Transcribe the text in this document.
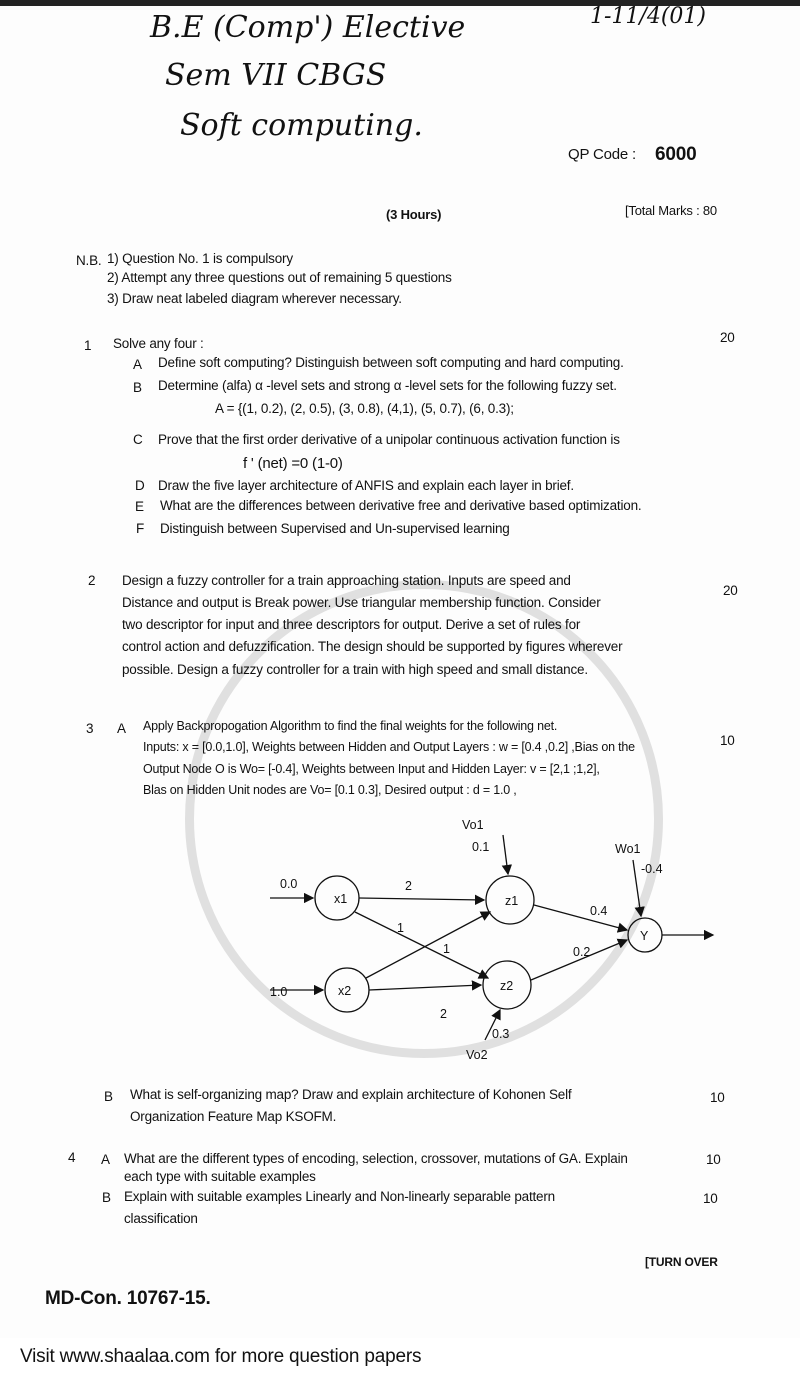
B.E (Comp') Elective	1-11/4(01)
Sem VII CBGS
Soft computing.
QP Code : 6000
(3 Hours)	[Total Marks : 80
N.B. 1) Question No. 1 is compulsory
2) Attempt any three questions out of remaining 5 questions
3) Draw neat labeled diagram wherever necessary.
1 Solve any four :	20
A Define soft computing? Distinguish between soft computing and hard computing.
B Determine (alfa) α -level sets and strong α -level sets for the following fuzzy set.
A = {(1, 0.2), (2, 0.5), (3, 0.8), (4,1), (5, 0.7), (6, 0.3);
C Prove that the first order derivative of a unipolar continuous activation function is
f ' (net) =0 (1-0)
D Draw the five layer architecture of ANFIS and explain each layer in brief.
E What are the differences between derivative free and derivative based optimization.
F Distinguish between Supervised and Un-supervised learning
2
20
Design a fuzzy controller for a train approaching station. Inputs are speed and
Distance and output is Break power. Use triangular membership function. Consider
two descriptor for input and three descriptors for output. Derive a set of rules for
control action and defuzzification. The design should be supported by figures wherever
possible. Design a fuzzy controller for a train with high speed and small distance.
3 A
10
Apply Backpropogation Algorithm to find the final weights for the following net.
Inputs: x = [0.0,1.0], Weights between Hidden and Output Layers : w = [0.4 ,0.2] ,Bias on the
Output Node O is Wo= [-0.4], Weights between Input and Hidden Layer: v = [2,1 ;1,2],
Blas on Hidden Unit nodes are Vo= [0.1 0.3], Desired output : d = 1.0 ,
x1
x2
z1
z2
Y
0.0
1.0
2
1
1
2
Vo1
0.1
Vo2
0.3
Wo1
-0.4
0.4
0.2
B	10
What is self-organizing map? Draw and explain architecture of Kohonen Self
Organization Feature Map KSOFM.
4 A	10
What are the different types of encoding, selection, crossover, mutations of GA. Explain
each type with suitable examples
B	10
Explain with suitable examples Linearly and Non-linearly separable pattern
classification
[TURN OVER
MD-Con. 10767-15.
Visit www.shaalaa.com for more question papers
